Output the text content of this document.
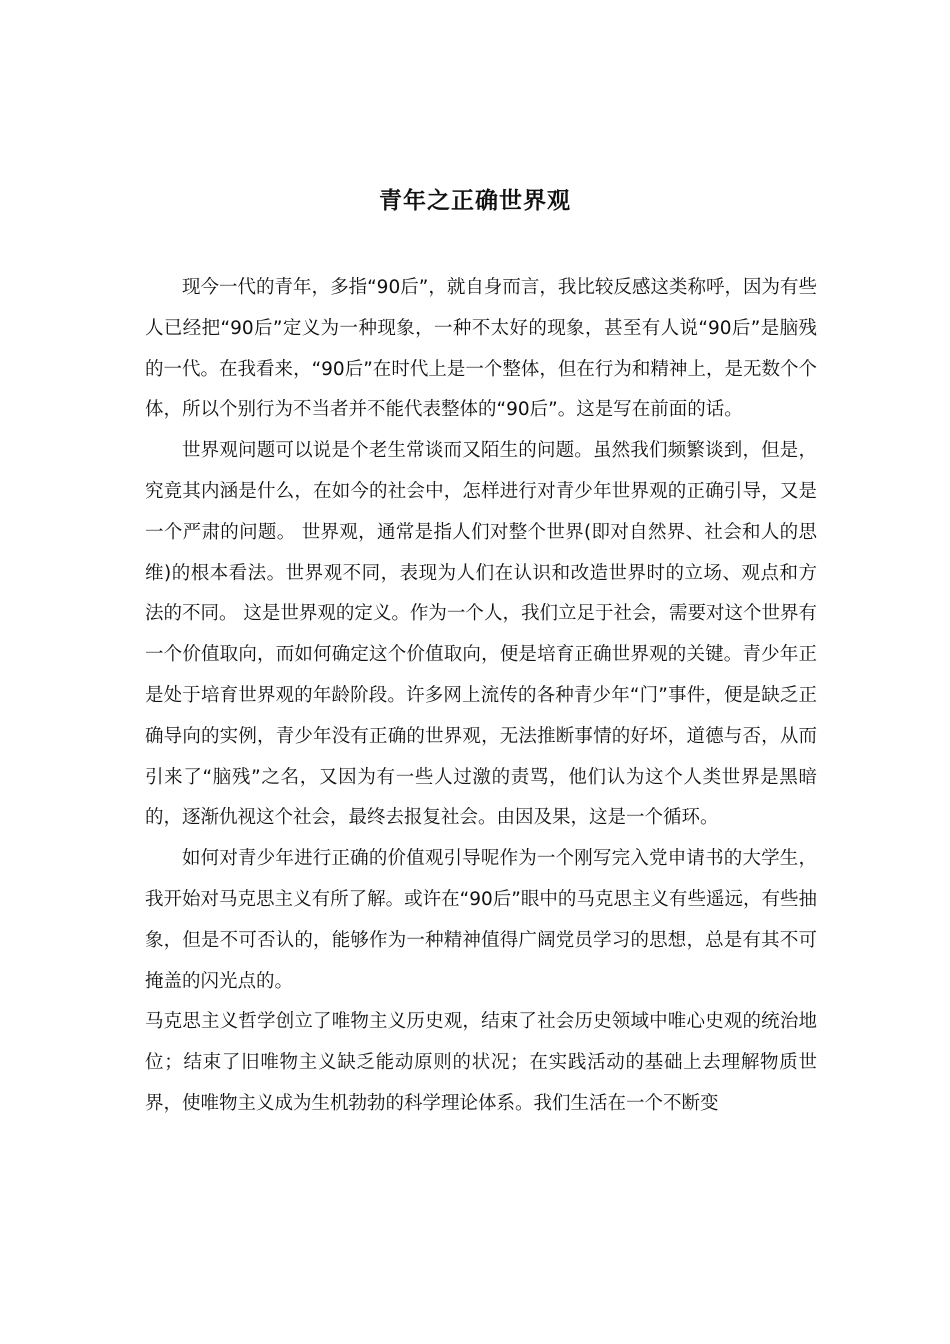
青年之正确世界观

现今一代的青年，多指“90后”，就自身而言，我比较反感这类称呼，因为有些人已经把“90后”定义为一种现象，一种不太好的现象，甚至有人说“90后”是脑残的一代。在我看来，“90后”在时代上是一个整体，但在行为和精神上，是无数个个体，所以个别行为不当者并不能代表整体的“90后”。这是写在前面的话。

世界观问题可以说是个老生常谈而又陌生的问题。虽然我们频繁谈到，但是，究竟其内涵是什么，在如今的社会中，怎样进行对青少年世界观的正确引导，又是一个严肃的问题。 世界观，通常是指人们对整个世界(即对自然界、社会和人的思维)的根本看法。世界观不同，表现为人们在认识和改造世界时的立场、观点和方法的不同。 这是世界观的定义。作为一个人，我们立足于社会，需要对这个世界有一个价值取向，而如何确定这个价值取向，便是培育正确世界观的关键。青少年正是处于培育世界观的年龄阶段。许多网上流传的各种青少年“门”事件，便是缺乏正确导向的实例，青少年没有正确的世界观，无法推断事情的好坏，道德与否，从而引来了“脑残”之名，又因为有一些人过激的责骂，他们认为这个人类世界是黑暗的，逐渐仇视这个社会，最终去报复社会。由因及果，这是一个循环。

如何对青少年进行正确的价值观引导呢作为一个刚写完入党申请书的大学生，我开始对马克思主义有所了解。或许在“90后”眼中的马克思主义有些遥远，有些抽象，但是不可否认的，能够作为一种精神值得广阔党员学习的思想，总是有其不可掩盖的闪光点的。

马克思主义哲学创立了唯物主义历史观，结束了社会历史领域中唯心史观的统治地位；结束了旧唯物主义缺乏能动原则的状况；在实践活动的基础上去理解物质世界，使唯物主义成为生机勃勃的科学理论体系。我们生活在一个不断变
